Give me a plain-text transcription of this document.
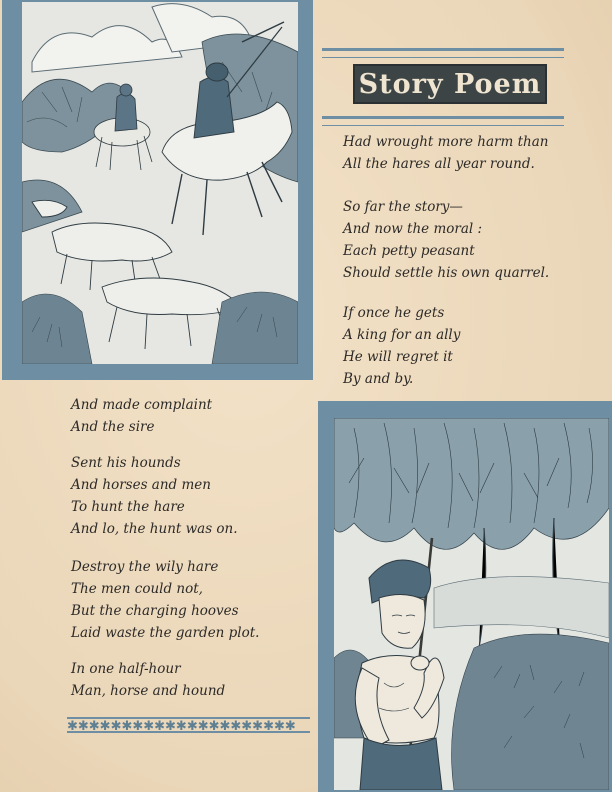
Story Poem
Had wrought more harm than
All the hares all year round.
So far the story—
And now the moral :
Each petty peasant
Should settle his own quarrel.
If once he gets
A king for an ally
He will regret it
By and by.
And made complaint
And the sire
Sent his hounds
And horses and men
To hunt the hare
And lo, the hunt was on.
Destroy the wily hare
The men could not,
But the charging hooves
Laid waste the garden plot.
In one half-hour
Man, horse and hound
✱✱✱✱✱✱✱✱✱✱✱✱✱✱✱✱✱✱✱✱✱
